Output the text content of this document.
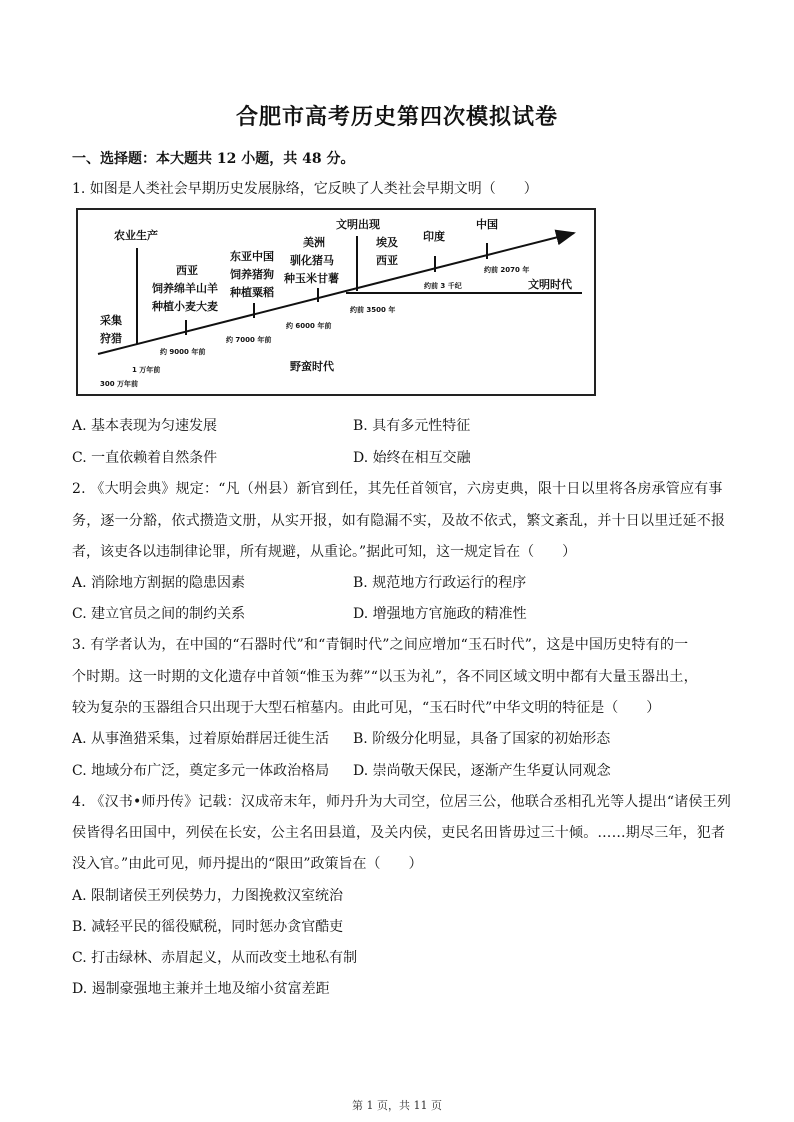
合肥市高考历史第四次模拟试卷
一、选择题：本大题共 12 小题，共 48 分。
1. 如图是人类社会早期历史发展脉络，它反映了人类社会早期文明（　　）
农业生产
文明出现
西亚
饲养绵羊山羊
种植小麦大麦
东亚中国
饲养猪狗
种植粟稻
美洲
驯化猪马
种玉米甘薯
埃及
西亚
印度
中国
约前 2070 年
约前 3 千纪	文明时代
约前 3500 年
约 6000 年前
约 7000 年前
约 9000 年前
1 万年前
300 万年前
采集
狩猎
野蛮时代
A. 基本表现为匀速发展	B. 具有多元性特征
C. 一直依赖着自然条件	D. 始终在相互交融
2. 《大明会典》规定：“凡（州县）新官到任，其先任首领官，六房吏典，限十日以里将各房承管应有事
务，逐一分豁，依式攒造文册，从实开报，如有隐漏不实，及故不依式，繁文紊乱，并十日以里迁延不报
者，该吏各以违制律论罪，所有规避，从重论。”据此可知，这一规定旨在（　　）
A. 消除地方割据的隐患因素	B. 规范地方行政运行的程序
C. 建立官员之间的制约关系	D. 增强地方官施政的精准性
3. 有学者认为，在中国的“石器时代”和“青铜时代”之间应增加“玉石时代”，这是中国历史特有的一
个时期。这一时期的文化遗存中首领“惟玉为葬”“以玉为礼”，各不同区域文明中都有大量玉器出土，
较为复杂的玉器组合只出现于大型石棺墓内。由此可见，“玉石时代”中华文明的特征是（　　）
A. 从事渔猎采集，过着原始群居迁徙生活 B. 阶级分化明显，具备了国家的初始形态
C. 地域分布广泛，奠定多元一体政治格局 D. 崇尚敬天保民，逐渐产生华夏认同观念
4. 《汉书•师丹传》记载：汉成帝末年，师丹升为大司空，位居三公，他联合丞相孔光等人提出“诸侯王列
侯皆得名田国中，列侯在长安，公主名田县道，及关内侯，吏民名田皆毋过三十倾。……期尽三年，犯者
没入官。”由此可见，师丹提出的“限田”政策旨在（　　）
A. 限制诸侯王列侯势力，力图挽救汉室统治
B. 减轻平民的徭役赋税，同时惩办贪官酷吏
C. 打击绿林、赤眉起义，从而改变土地私有制
D. 遏制豪强地主兼并土地及缩小贫富差距
第 1 页，共 11 页
